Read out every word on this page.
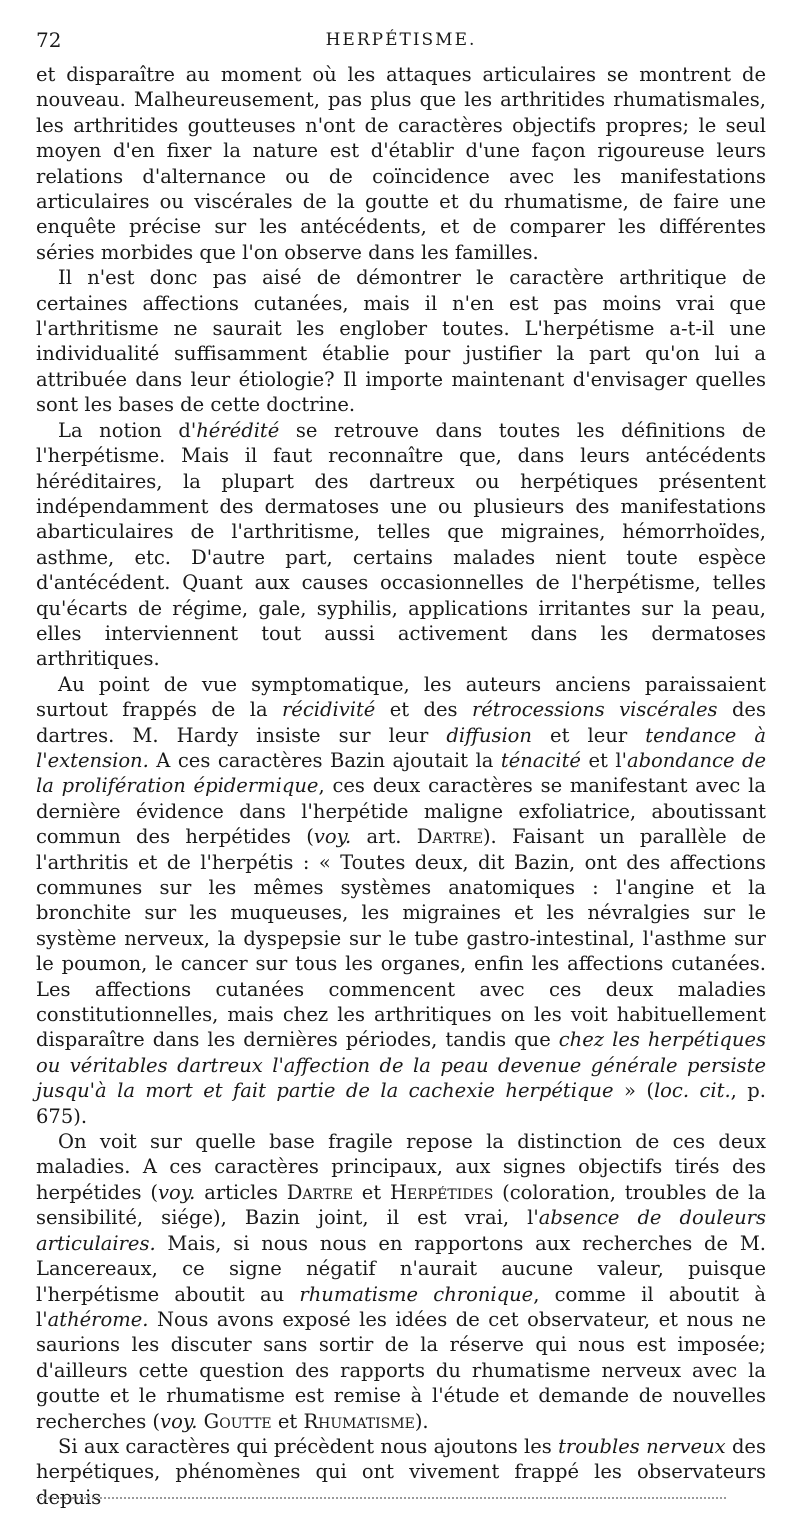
72	HERPÉTISME.

et disparaître au moment où les attaques articulaires se montrent de nouveau. Malheureusement, pas plus que les arthritides rhumatismales, les arthritides goutteuses n'ont de caractères objectifs propres; le seul moyen d'en fixer la nature est d'établir d'une façon rigoureuse leurs relations d'alternance ou de coïncidence avec les manifestations articulaires ou viscérales de la goutte et du rhumatisme, de faire une enquête précise sur les antécédents, et de comparer les différentes séries morbides que l'on observe dans les familles.

Il n'est donc pas aisé de démontrer le caractère arthritique de certaines affections cutanées, mais il n'en est pas moins vrai que l'arthritisme ne saurait les englober toutes. L'herpétisme a-t-il une individualité suffisamment établie pour justifier la part qu'on lui a attribuée dans leur étiologie? Il importe maintenant d'envisager quelles sont les bases de cette doctrine.

La notion d'hérédité se retrouve dans toutes les définitions de l'herpétisme. Mais il faut reconnaître que, dans leurs antécédents héréditaires, la plupart des dartreux ou herpétiques présentent indépendamment des dermatoses une ou plusieurs des manifestations abarticulaires de l'arthritisme, telles que migraines, hémorrhoïdes, asthme, etc. D'autre part, certains malades nient toute espèce d'antécédent. Quant aux causes occasionnelles de l'herpétisme, telles qu'écarts de régime, gale, syphilis, applications irritantes sur la peau, elles interviennent tout aussi activement dans les dermatoses arthritiques.

Au point de vue symptomatique, les auteurs anciens paraissaient surtout frappés de la récidivité et des rétrocessions viscérales des dartres. M. Hardy insiste sur leur diffusion et leur tendance à l'extension. A ces caractères Bazin ajoutait la ténacité et l'abondance de la prolifération épidermique, ces deux caractères se manifestant avec la dernière évidence dans l'herpétide maligne exfoliatrice, aboutissant commun des herpétides (voy. art. Dartre). Faisant un parallèle de l'arthritis et de l'herpétis : « Toutes deux, dit Bazin, ont des affections communes sur les mêmes systèmes anatomiques : l'angine et la bronchite sur les muqueuses, les migraines et les névralgies sur le système nerveux, la dyspepsie sur le tube gastro-intestinal, l'asthme sur le poumon, le cancer sur tous les organes, enfin les affections cutanées. Les affections cutanées commencent avec ces deux maladies constitutionnelles, mais chez les arthritiques on les voit habituellement disparaître dans les dernières périodes, tandis que chez les herpétiques ou véritables dartreux l'affection de la peau devenue générale persiste jusqu'à la mort et fait partie de la cachexie herpétique » (loc. cit., p. 675).

On voit sur quelle base fragile repose la distinction de ces deux maladies. A ces caractères principaux, aux signes objectifs tirés des herpétides (voy. articles Dartre et Herpétides (coloration, troubles de la sensibilité, siége), Bazin joint, il est vrai, l'absence de douleurs articulaires. Mais, si nous nous en rapportons aux recherches de M. Lancereaux, ce signe négatif n'aurait aucune valeur, puisque l'herpétisme aboutit au rhumatisme chronique, comme il aboutit à l'athérome. Nous avons exposé les idées de cet observateur, et nous ne saurions les discuter sans sortir de la réserve qui nous est imposée; d'ailleurs cette question des rapports du rhumatisme nerveux avec la goutte et le rhumatisme est remise à l'étude et demande de nouvelles recherches (voy. Goutte et Rhumatisme).

Si aux caractères qui précèdent nous ajoutons les troubles nerveux des herpétiques, phénomènes qui ont vivement frappé les observateurs depuis
